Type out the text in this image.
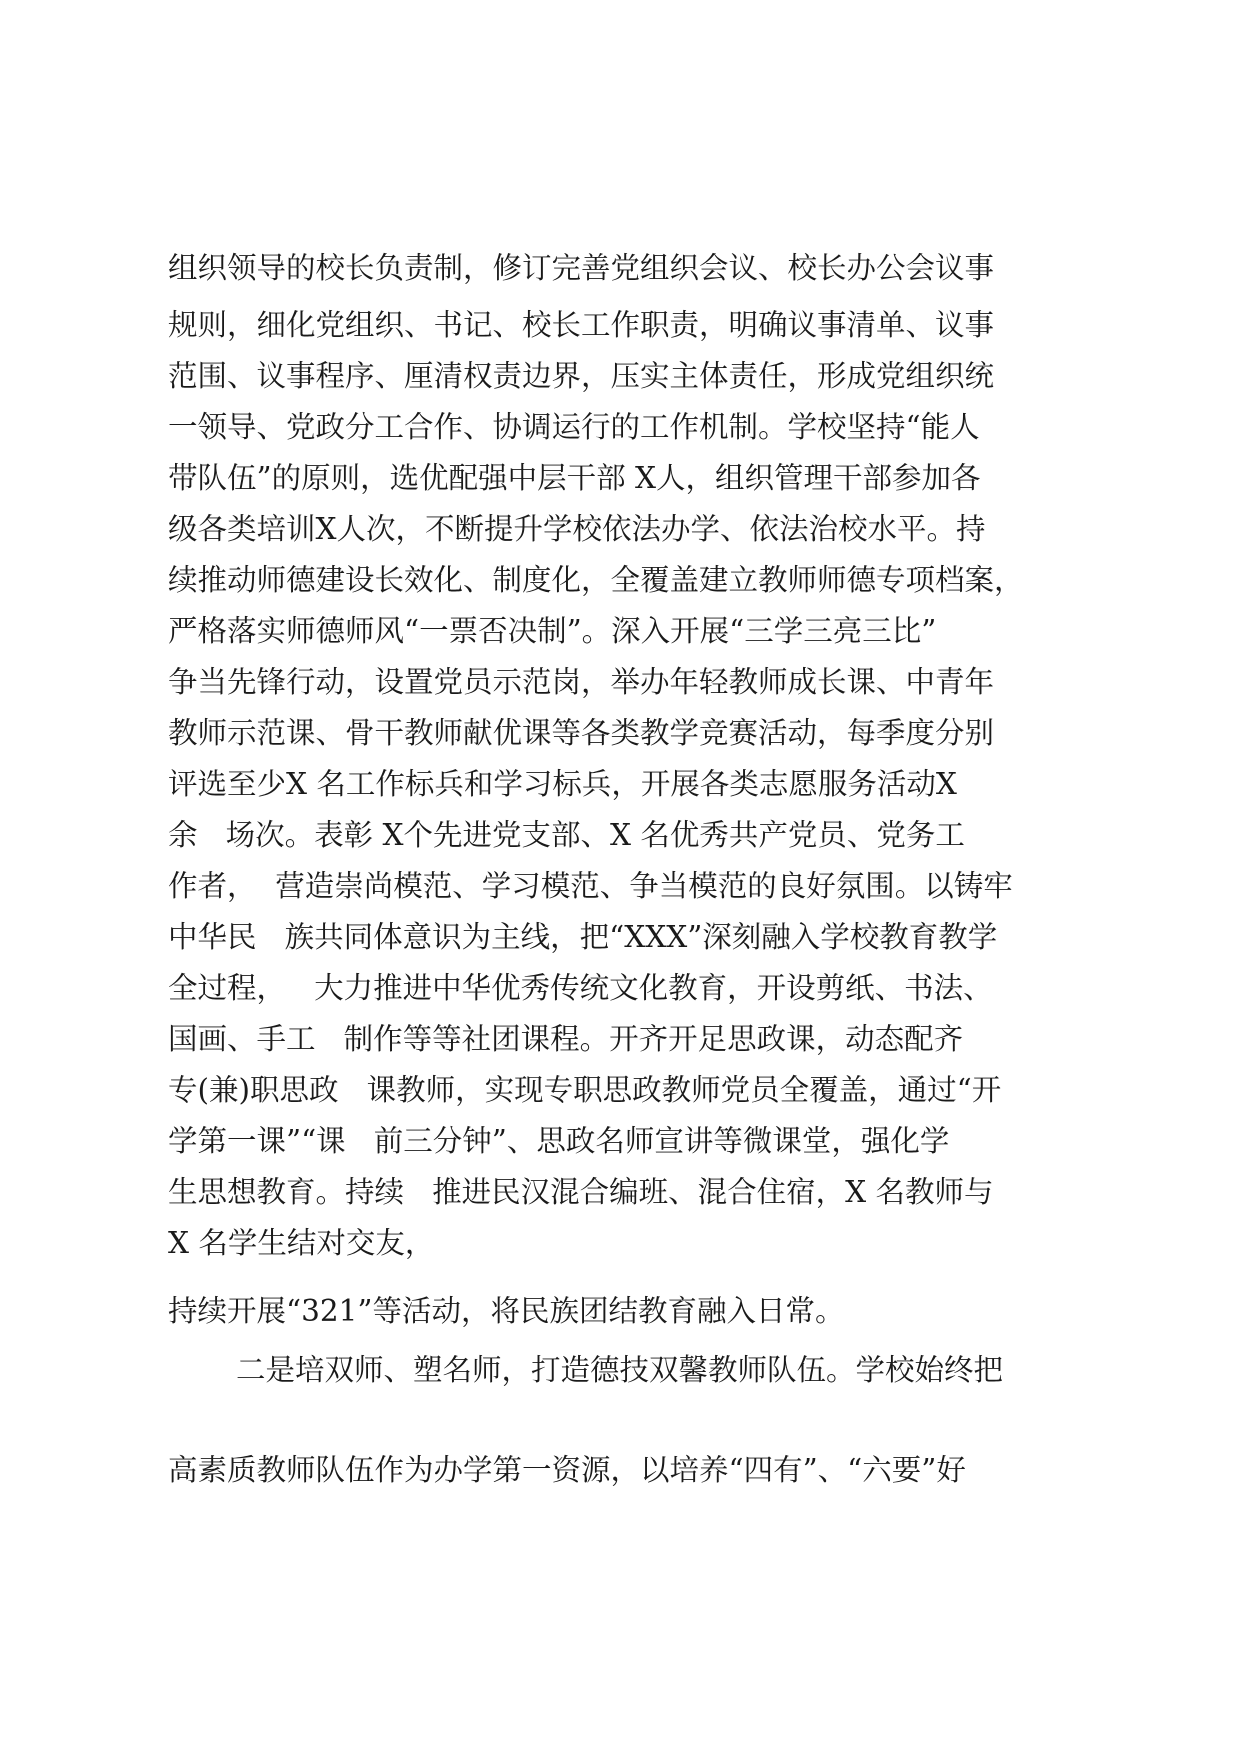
组织领导的校长负责制，修订完善党组织会议、校长办公会议事
规则，细化党组织、书记、校长工作职责，明确议事清单、议事
范围、议事程序、厘清权责边界，压实主体责任，形成党组织统
一领导、党政分工合作、协调运行的工作机制。学校坚持“能人
带队伍”的原则，选优配强中层干部 X人，组织管理干部参加各
级各类培训X人次，不断提升学校依法办学、依法治校水平。持
续推动师德建设长效化、制度化，全覆盖建立教师师德专项档案，
严格落实师德师风“一票否决制”。深入开展“三学三亮三比”
争当先锋行动，设置党员示范岗，举办年轻教师成长课、中青年
教师示范课、骨干教师献优课等各类教学竞赛活动，每季度分别
评选至少X 名工作标兵和学习标兵，开展各类志愿服务活动X
余   场次。表彰 X个先进党支部、X 名优秀共产党员、党务工
作者，  营造崇尚模范、学习模范、争当模范的良好氛围。以铸牢
中华民   族共同体意识为主线，把“XXX”深刻融入学校教育教学
全过程，   大力推进中华优秀传统文化教育，开设剪纸、书法、
国画、手工   制作等等社团课程。开齐开足思政课，动态配齐
专(兼)职思政   课教师，实现专职思政教师党员全覆盖，通过“开
学第一课”“课   前三分钟”、思政名师宣讲等微课堂，强化学
生思想教育。持续   推进民汉混合编班、混合住宿，X 名教师与
X 名学生结对交友，
持续开展“321”等活动，将民族团结教育融入日常。
二是培双师、塑名师，打造德技双馨教师队伍。学校始终把
高素质教师队伍作为办学第一资源，以培养“四有”、“六要”好
